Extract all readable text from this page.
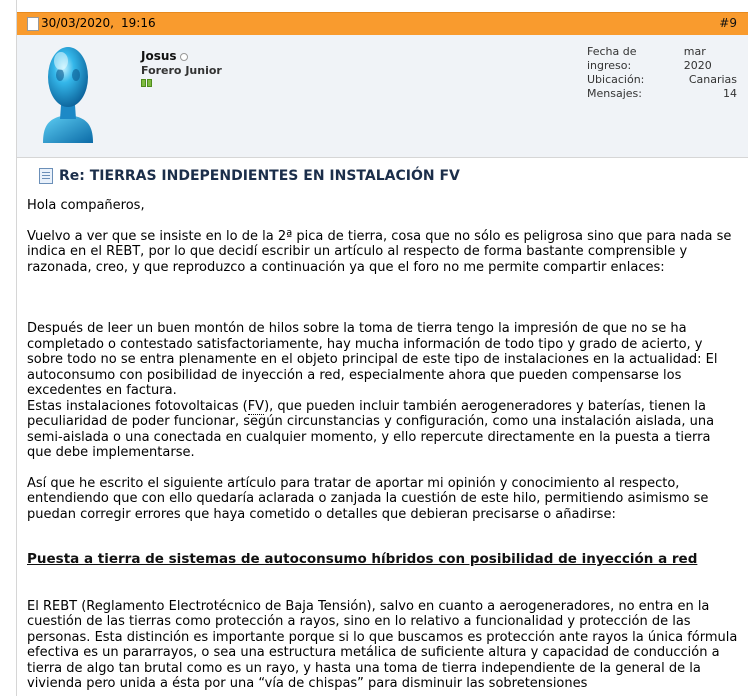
30/03/2020, 19:16	#9
Josus
Forero Junior
Fecha de ingreso:
mar 2020
Ubicación:	Canarias
Mensajes:	14
Re: TIERRAS INDEPENDIENTES EN INSTALACIÓN FV

Hola compañeros,

Vuelvo a ver que se insiste en lo de la 2ª pica de tierra, cosa que no sólo es peligrosa sino que para nada se indica en el REBT, por lo que decidí escribir un artículo al respecto de forma bastante comprensible y razonada, creo, y que reproduzco a continuación ya que el foro no me permite compartir enlaces:

Después de leer un buen montón de hilos sobre la toma de tierra tengo la impresión de que no se ha completado o contestado satisfactoriamente, hay mucha información de todo tipo y grado de acierto, y sobre todo no se entra plenamente en el objeto principal de este tipo de instalaciones en la actualidad: El autoconsumo con posibilidad de inyección a red, especialmente ahora que pueden compensarse los excedentes en factura.

Estas instalaciones fotovoltaicas (FV), que pueden incluir también aerogeneradores y baterías, tienen la peculiaridad de poder funcionar, según circunstancias y configuración, como una instalación aislada, una semi-aislada o una conectada en cualquier momento, y ello repercute directamente en la puesta a tierra que debe implementarse.

Así que he escrito el siguiente artículo para tratar de aportar mi opinión y conocimiento al respecto, entendiendo que con ello quedaría aclarada o zanjada la cuestión de este hilo, permitiendo asimismo se puedan corregir errores que haya cometido o detalles que debieran precisarse o añadirse:

Puesta a tierra de sistemas de autoconsumo híbridos con posibilidad de inyección a red

El REBT (Reglamento Electrotécnico de Baja Tensión), salvo en cuanto a aerogeneradores, no entra en la cuestión de las tierras como protección a rayos, sino en lo relativo a funcionalidad y protección de las personas. Esta distinción es importante porque si lo que buscamos es protección ante rayos la única fórmula efectiva es un pararrayos, o sea una estructura metálica de suficiente altura y capacidad de conducción a tierra de algo tan brutal como es un rayo, y hasta una toma de tierra independiente de la general de la vivienda pero unida a ésta por una “vía de chispas” para disminuir las sobretensiones
